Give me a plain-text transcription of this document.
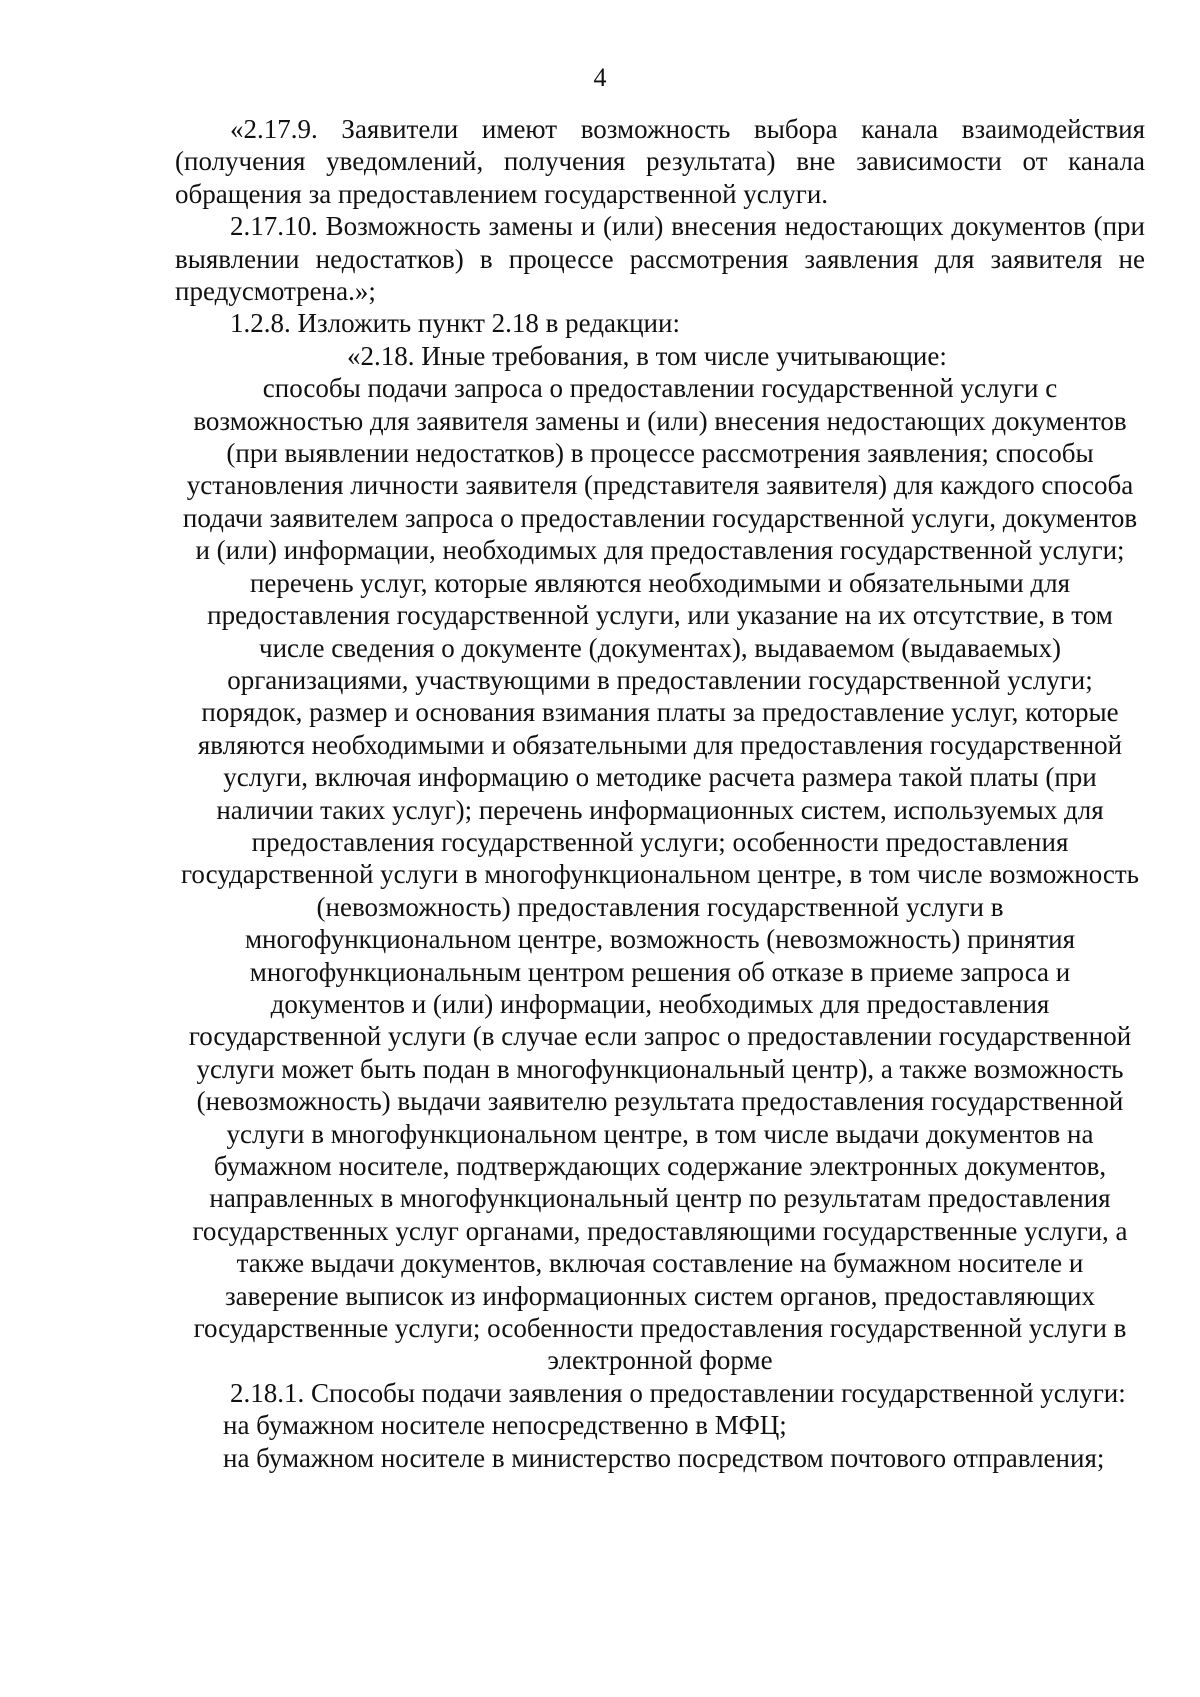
4

«2.17.9. Заявители имеют возможность выбора канала взаимодействия (получения уведомлений, получения результата) вне зависимости от канала обращения за предоставлением государственной услуги.

2.17.10. Возможность замены и (или) внесения недостающих документов (при выявлении недостатков) в процессе рассмотрения заявления для заявителя не предусмотрена.»;

1.2.8. Изложить пункт 2.18 в редакции:

«2.18. Иные требования, в том числе учитывающие:

способы подачи запроса о предоставлении государственной услуги с возможностью для заявителя замены и (или) внесения недостающих документов (при выявлении недостатков) в процессе рассмотрения заявления; способы установления личности заявителя (представителя заявителя) для каждого способа подачи заявителем запроса о предоставлении государственной услуги, документов и (или) информации, необходимых для предоставления государственной услуги; перечень услуг, которые являются необходимыми и обязательными для предоставления государственной услуги, или указание на их отсутствие, в том числе сведения о документе (документах), выдаваемом (выдаваемых) организациями, участвующими в предоставлении государственной услуги; порядок, размер и основания взимания платы за предоставление услуг, которые являются необходимыми и обязательными для предоставления государственной услуги, включая информацию о методике расчета размера такой платы (при наличии таких услуг); перечень информационных систем, используемых для предоставления государственной услуги; особенности предоставления государственной услуги в многофункциональном центре, в том числе возможность (невозможность) предоставления государственной услуги в многофункциональном центре, возможность (невозможность) принятия многофункциональным центром решения об отказе в приеме запроса и документов и (или) информации, необходимых для предоставления государственной услуги (в случае если запрос о предоставлении государственной услуги может быть подан в многофункциональный центр), а также возможность (невозможность) выдачи заявителю результата предоставления государственной услуги в многофункциональном центре, в том числе выдачи документов на бумажном носителе, подтверждающих содержание электронных документов, направленных в многофункциональный центр по результатам предоставления государственных услуг органами, предоставляющими государственные услуги, а также выдачи документов, включая составление на бумажном носителе и заверение выписок из информационных систем органов, предоставляющих государственные услуги; особенности предоставления государственной услуги в электронной форме

2.18.1. Способы подачи заявления о предоставлении государственной услуги:

на бумажном носителе непосредственно в МФЦ;

на бумажном носителе в министерство посредством почтового отправления;
